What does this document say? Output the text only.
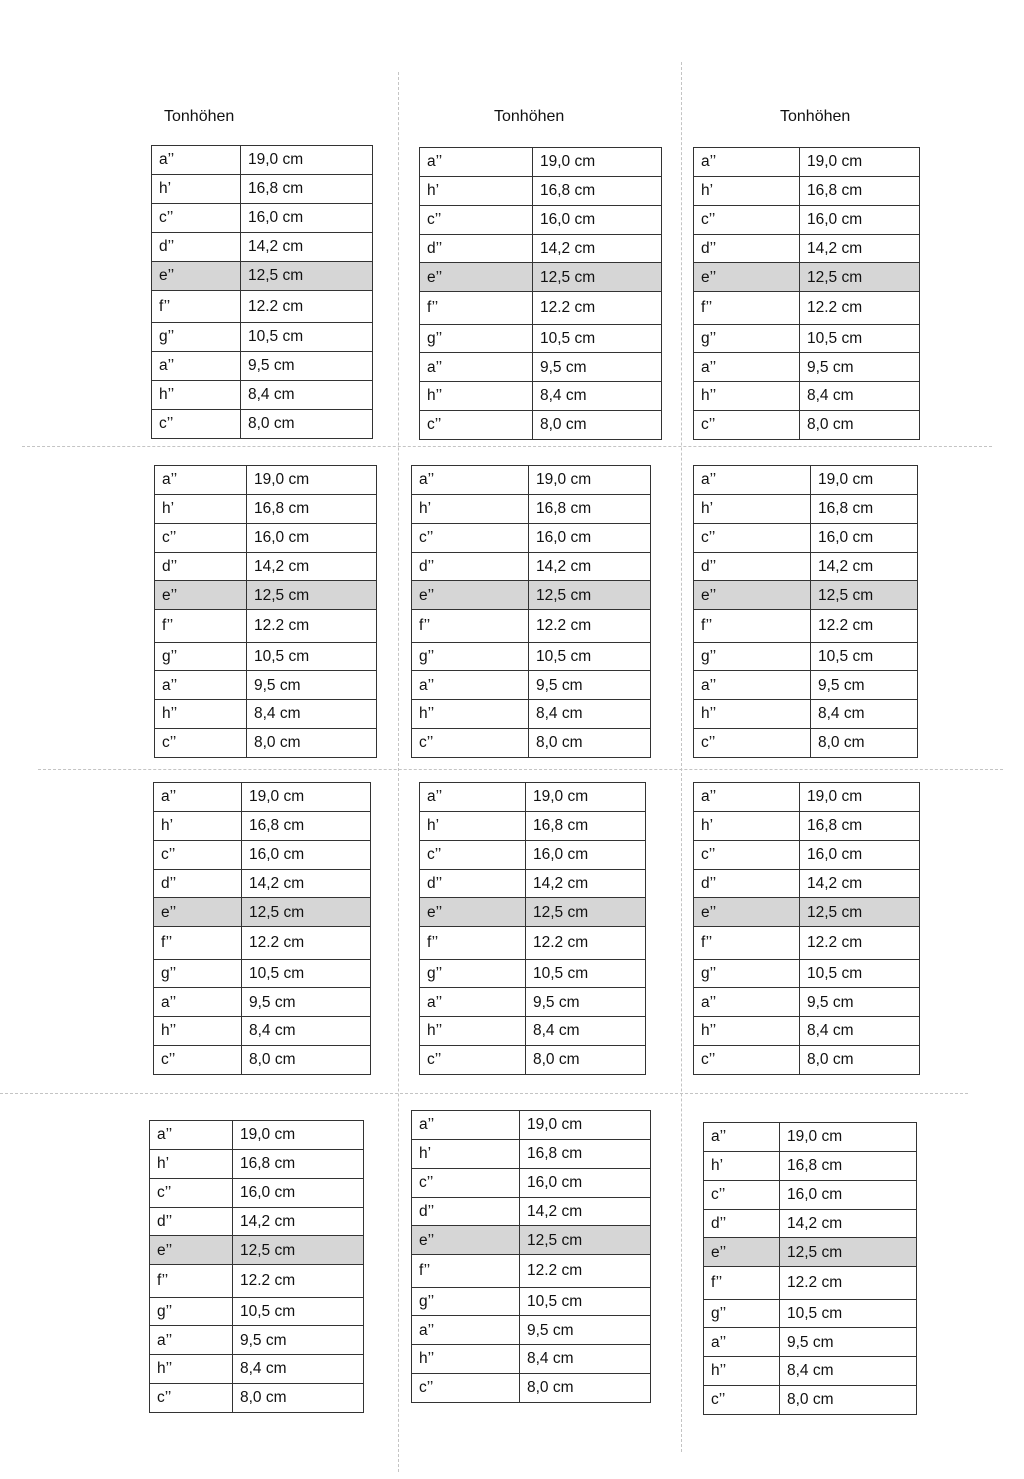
Tonhöhen	Tonhöhen	Tonhöhen
a’’	19,0 cm
h’	16,8 cm
c’’	16,0 cm
d’’	14,2 cm
e’’	12,5 cm
f’’	12.2 cm
g’’	10,5 cm
a’’	9,5 cm
h’’	8,4 cm
c’’	8,0 cm
a’’	19,0 cm
h’	16,8 cm
c’’	16,0 cm
d’’	14,2 cm
e’’	12,5 cm
f’’	12.2 cm
g’’	10,5 cm
a’’	9,5 cm
h’’	8,4 cm
c’’	8,0 cm
a’’	19,0 cm
h’	16,8 cm
c’’	16,0 cm
d’’	14,2 cm
e’’	12,5 cm
f’’	12.2 cm
g’’	10,5 cm
a’’	9,5 cm
h’’	8,4 cm
c’’	8,0 cm
a’’	19,0 cm
h’	16,8 cm
c’’	16,0 cm
d’’	14,2 cm
e’’	12,5 cm
f’’	12.2 cm
g’’	10,5 cm
a’’	9,5 cm
h’’	8,4 cm
c’’	8,0 cm
a’’	19,0 cm
h’	16,8 cm
c’’	16,0 cm
d’’	14,2 cm
e’’	12,5 cm
f’’	12.2 cm
g’’	10,5 cm
a’’	9,5 cm
h’’	8,4 cm
c’’	8,0 cm
a’’	19,0 cm
h’	16,8 cm
c’’	16,0 cm
d’’	14,2 cm
e’’	12,5 cm
f’’	12.2 cm
g’’	10,5 cm
a’’	9,5 cm
h’’	8,4 cm
c’’	8,0 cm
a’’	19,0 cm
h’	16,8 cm
c’’	16,0 cm
d’’	14,2 cm
e’’	12,5 cm
f’’	12.2 cm
g’’	10,5 cm
a’’	9,5 cm
h’’	8,4 cm
c’’	8,0 cm
a’’	19,0 cm
h’	16,8 cm
c’’	16,0 cm
d’’	14,2 cm
e’’	12,5 cm
f’’	12.2 cm
g’’	10,5 cm
a’’	9,5 cm
h’’	8,4 cm
c’’	8,0 cm
a’’	19,0 cm
h’	16,8 cm
c’’	16,0 cm
d’’	14,2 cm
e’’	12,5 cm
f’’	12.2 cm
g’’	10,5 cm
a’’	9,5 cm
h’’	8,4 cm
c’’	8,0 cm
a’’	19,0 cm
h’	16,8 cm
c’’	16,0 cm
d’’	14,2 cm
e’’	12,5 cm
f’’	12.2 cm
g’’	10,5 cm
a’’	9,5 cm
h’’	8,4 cm
c’’	8,0 cm
a’’	19,0 cm
h’	16,8 cm
c’’	16,0 cm
d’’	14,2 cm
e’’	12,5 cm
f’’	12.2 cm
g’’	10,5 cm
a’’	9,5 cm
h’’	8,4 cm
c’’	8,0 cm
a’’	19,0 cm
h’	16,8 cm
c’’	16,0 cm
d’’	14,2 cm
e’’	12,5 cm
f’’	12.2 cm
g’’	10,5 cm
a’’	9,5 cm
h’’	8,4 cm
c’’	8,0 cm
